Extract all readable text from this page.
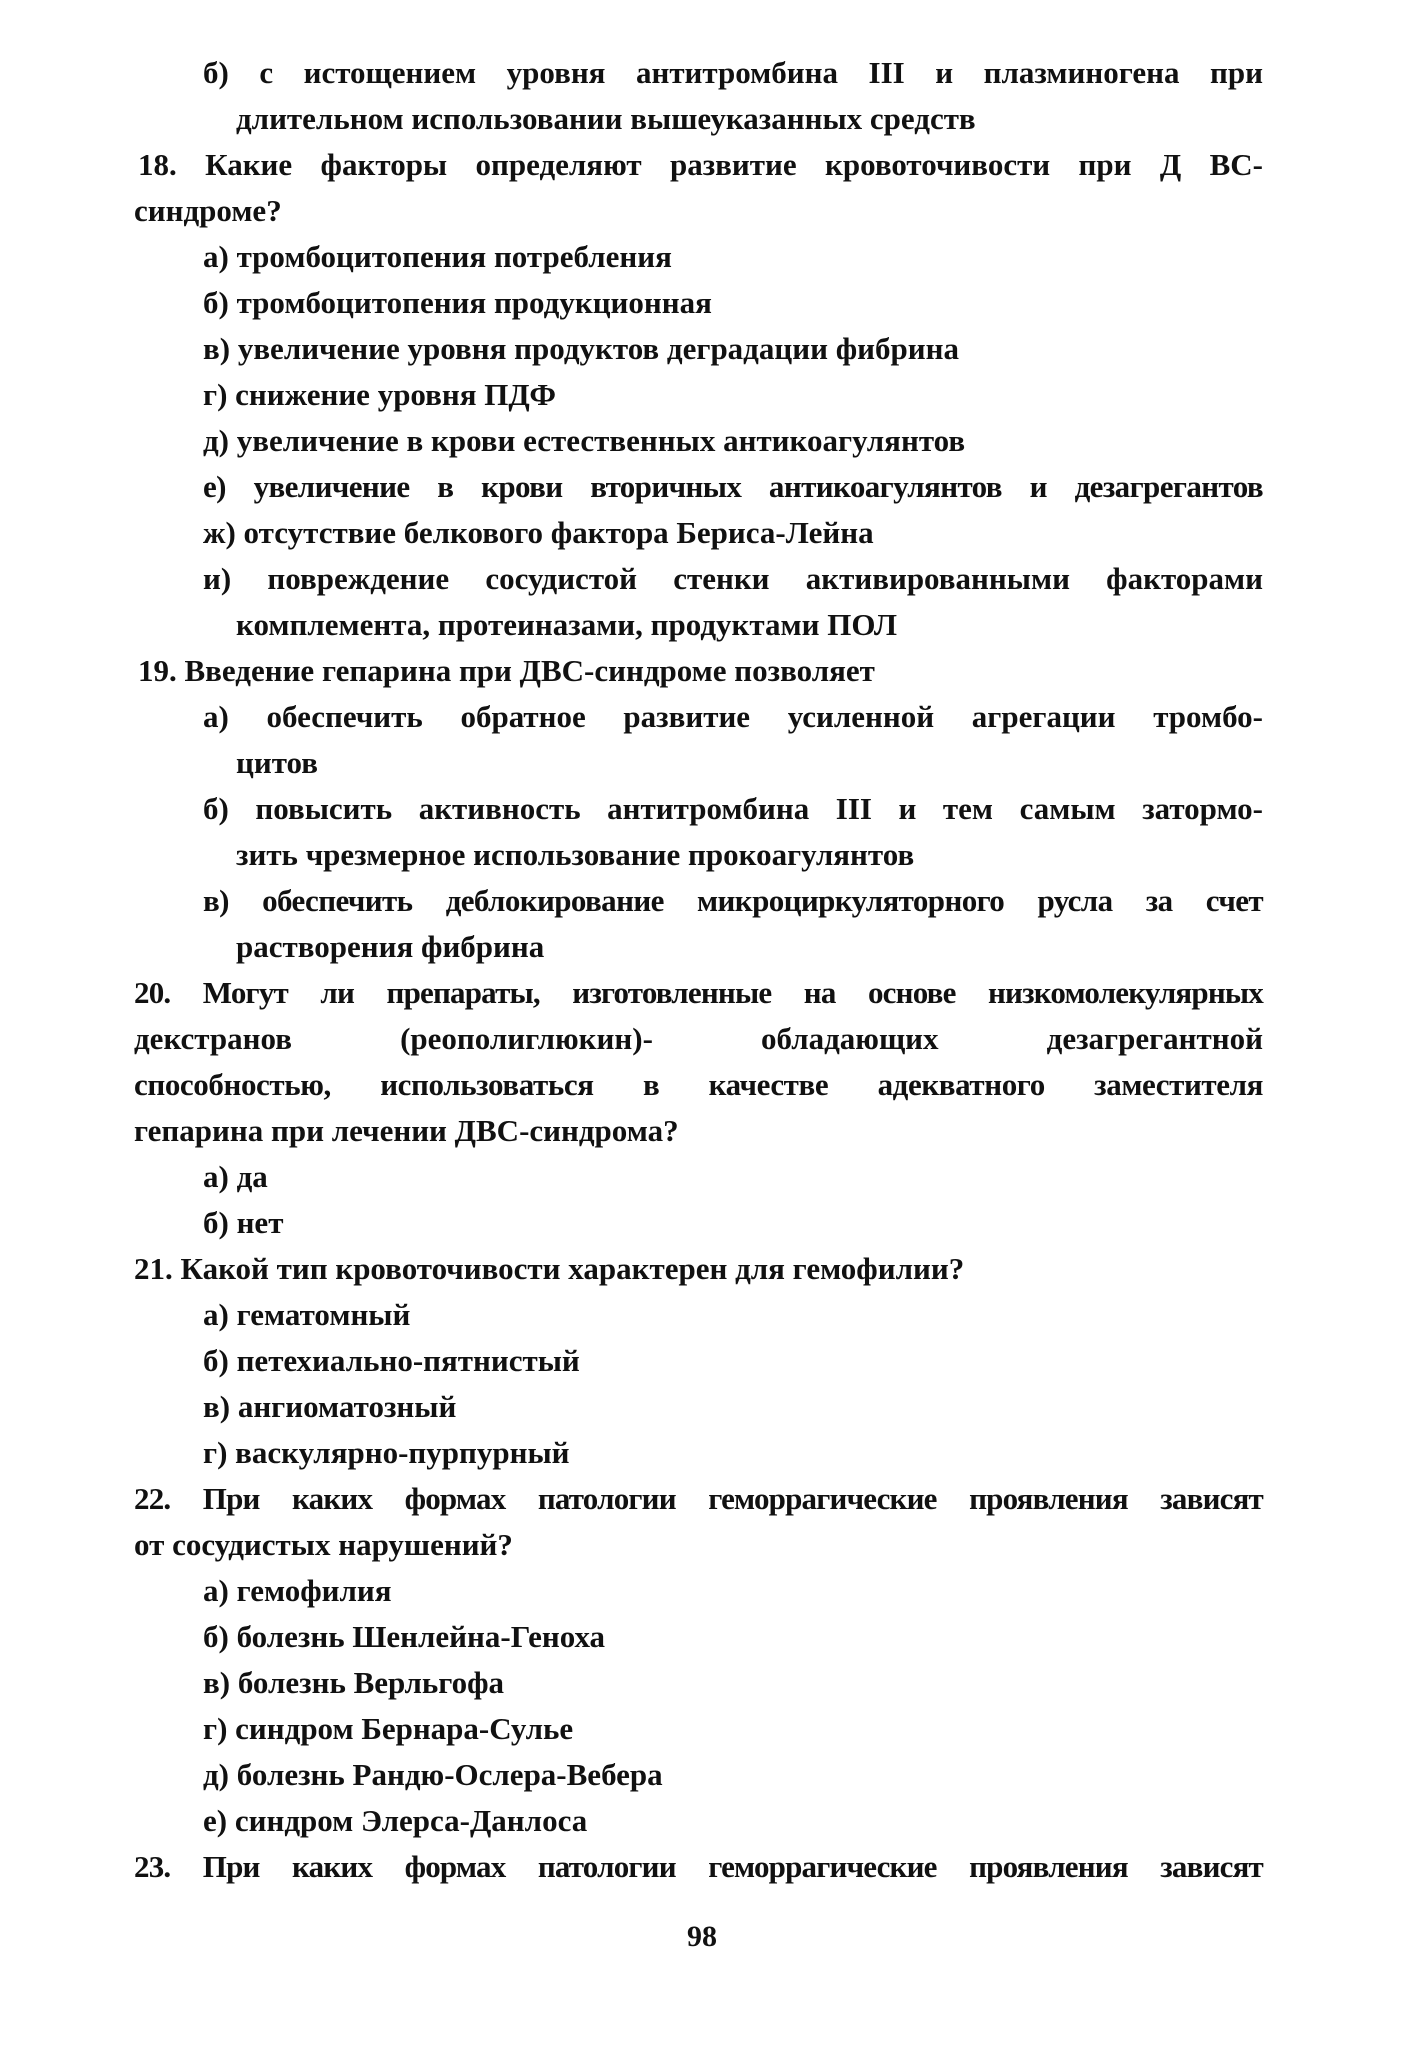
б) с истощением уровня антитромбина III и плазминогена при
длительном использовании вышеуказанных средств
18. Какие факторы определяют развитие кровоточивости при Д ВС-
синдроме?
а) тромбоцитопения потребления
б) тромбоцитопения продукционная
в) увеличение уровня продуктов деградации фибрина
г) снижение уровня ПДФ
д) увеличение в крови естественных антикоагулянтов
е) увеличение в крови вторичных антикоагулянтов и дезагрегантов
ж) отсутствие белкового фактора Бериса-Лейна
и) повреждение сосудистой стенки активированными факторами
комплемента, протеиназами, продуктами ПОЛ
19. Введение гепарина при ДВС-синдроме позволяет
а) обеспечить обратное развитие усиленной агрегации тромбо-
цитов
б) повысить активность антитромбина III и тем самым затормо-
зить чрезмерное использование прокоагулянтов
в) обеспечить деблокирование микроциркуляторного русла за счет
растворения фибрина
20. Могут ли препараты, изготовленные на основе низкомолекулярных
декстранов (реополиглюкин)- обладающих дезагрегантной
способностью, использоваться в качестве адекватного заместителя
гепарина при лечении ДВС-синдрома?
а) да
б) нет
21. Какой тип кровоточивости характерен для гемофилии?
а) гематомный
б) петехиально-пятнистый
в) ангиоматозный
г) васкулярно-пурпурный
22. При каких формах патологии геморрагические проявления зависят
от сосудистых нарушений?
а) гемофилия
б) болезнь Шенлейна-Геноха
в) болезнь Верльгофа
г) синдром Бернара-Сулье
д) болезнь Рандю-Ослера-Вебера
е) синдром Элерса-Данлоса
23. При каких формах патологии геморрагические проявления зависят
98
